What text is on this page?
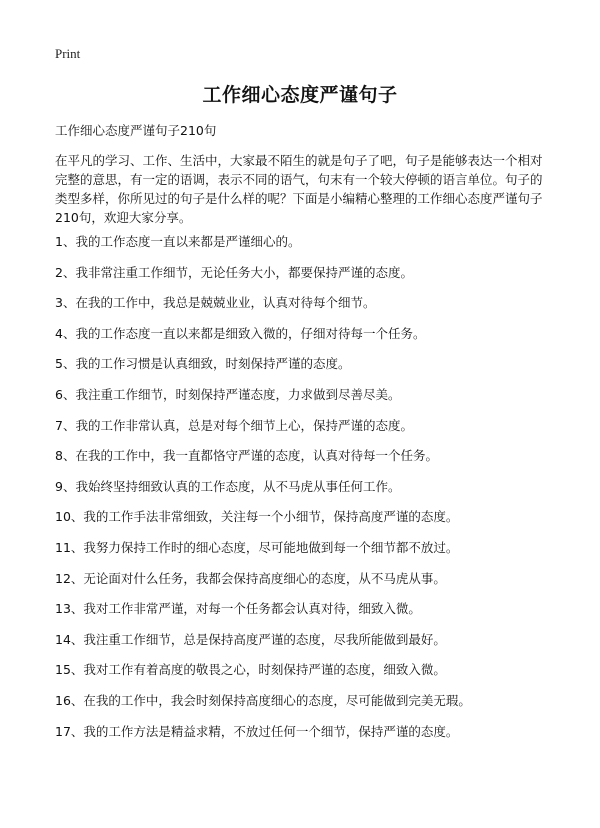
Print
工作细心态度严谨句子
工作细心态度严谨句子210句

在平凡的学习、工作、生活中，大家最不陌生的就是句子了吧，句子是能够表达一个相对完整的意思，有一定的语调，表示不同的语气，句末有一个较大停顿的语言单位。句子的类型多样，你所见过的句子是什么样的呢？下面是小编精心整理的工作细心态度严谨句子210句，欢迎大家分享。

1、我的工作态度一直以来都是严谨细心的。
2、我非常注重工作细节，无论任务大小，都要保持严谨的态度。
3、在我的工作中，我总是兢兢业业，认真对待每个细节。
4、我的工作态度一直以来都是细致入微的，仔细对待每一个任务。
5、我的工作习惯是认真细致，时刻保持严谨的态度。
6、我注重工作细节，时刻保持严谨态度，力求做到尽善尽美。
7、我的工作非常认真，总是对每个细节上心，保持严谨的态度。
8、在我的工作中，我一直都恪守严谨的态度，认真对待每一个任务。
9、我始终坚持细致认真的工作态度，从不马虎从事任何工作。
10、我的工作手法非常细致，关注每一个小细节，保持高度严谨的态度。
11、我努力保持工作时的细心态度，尽可能地做到每一个细节都不放过。
12、无论面对什么任务，我都会保持高度细心的态度，从不马虎从事。
13、我对工作非常严谨，对每一个任务都会认真对待，细致入微。
14、我注重工作细节，总是保持高度严谨的态度，尽我所能做到最好。
15、我对工作有着高度的敬畏之心，时刻保持严谨的态度，细致入微。
16、在我的工作中，我会时刻保持高度细心的态度，尽可能做到完美无瑕。
17、我的工作方法是精益求精，不放过任何一个细节，保持严谨的态度。
